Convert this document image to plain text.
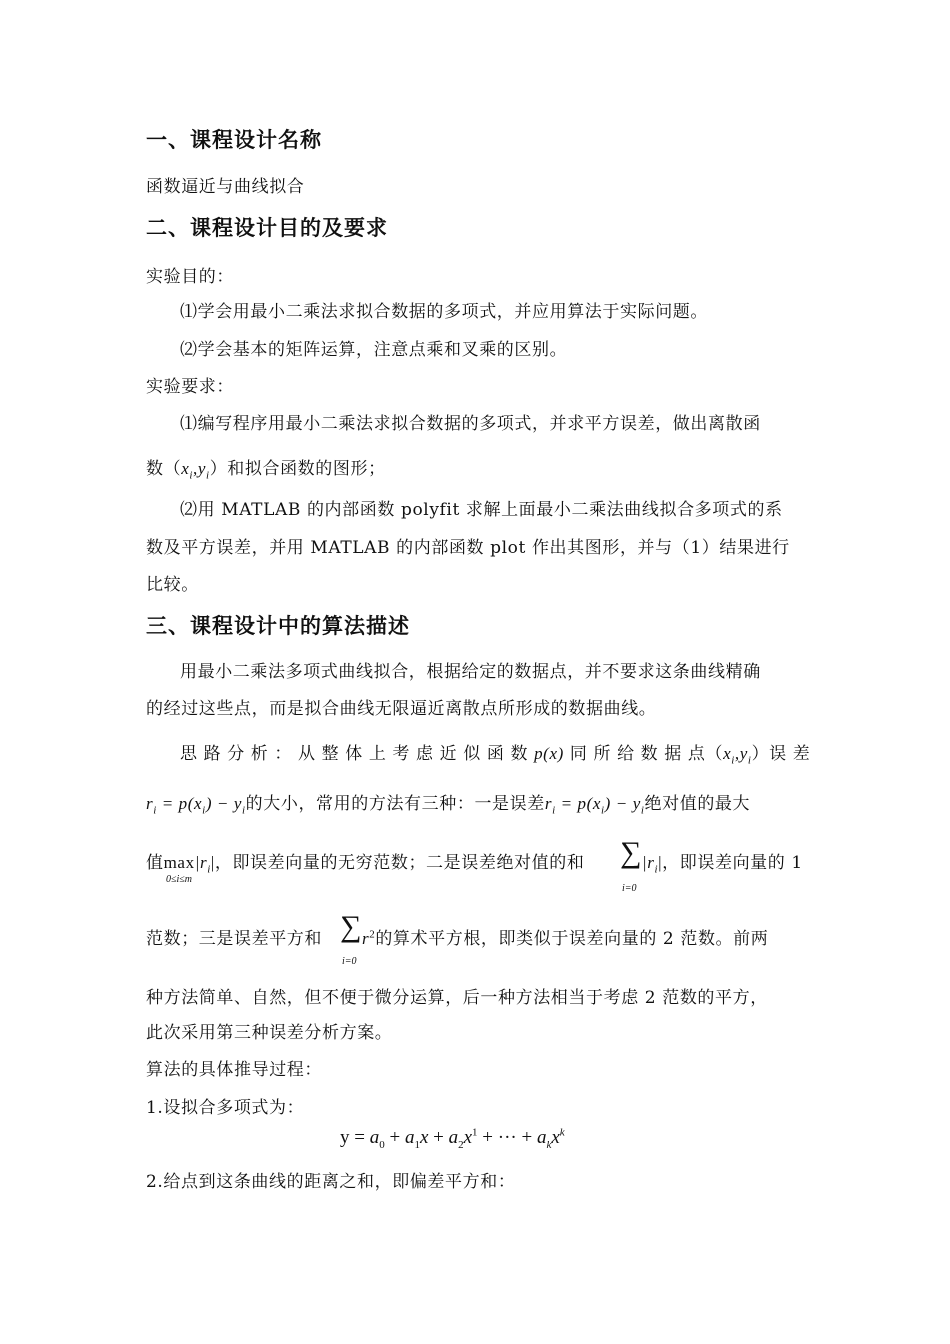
一、课程设计名称
函数逼近与曲线拟合
二、课程设计目的及要求
实验目的：
⑴学会用最小二乘法求拟合数据的多项式，并应用算法于实际问题。
⑵学会基本的矩阵运算，注意点乘和叉乘的区别。
实验要求：
⑴编写程序用最小二乘法求拟合数据的多项式，并求平方误差，做出离散函
数$(x_i,y_i)$和拟合函数的图形；
⑵用 MATLAB 的内部函数 polyfit 求解上面最小二乘法曲线拟合多项式的系
数及平方误差，并用 MATLAB 的内部函数 plot 作出其图形，并与（1）结果进行
比较。
三、课程设计中的算法描述
用最小二乘法多项式曲线拟合，根据给定的数据点，并不要求这条曲线精确
的经过这些点，而是拟合曲线无限逼近离散点所形成的数据曲线。
思 路 分 析 ： 从 整 体 上 考 虑 近 似 函 数 p(x) 同 所 给 数 据 点$(x_i,y_i)$误 差
$r_i = p(x_i) - y_i$的大小，常用的方法有三种：一是误差$r_i = p(x_i) - y_i$绝对值的最大
值$\max|r_i|$，即误差向量的无穷范数；二是误差绝对值的和
0≤i≤m
∑
i=0
$|r_i|$，即误差向量的 1
范数；三是误差平方和 ∑
i=0
$r^2$的算术平方根，即类似于误差向量的 2 范数。前两
种方法简单、自然，但不便于微分运算，后一种方法相当于考虑 2 范数的平方，
此次采用第三种误差分析方案。
算法的具体推导过程：
1.设拟合多项式为：
$y = a_0 + a_1x + a_2x^1$ + ··· + $a_kx^k$
2.给点到这条曲线的距离之和，即偏差平方和：
